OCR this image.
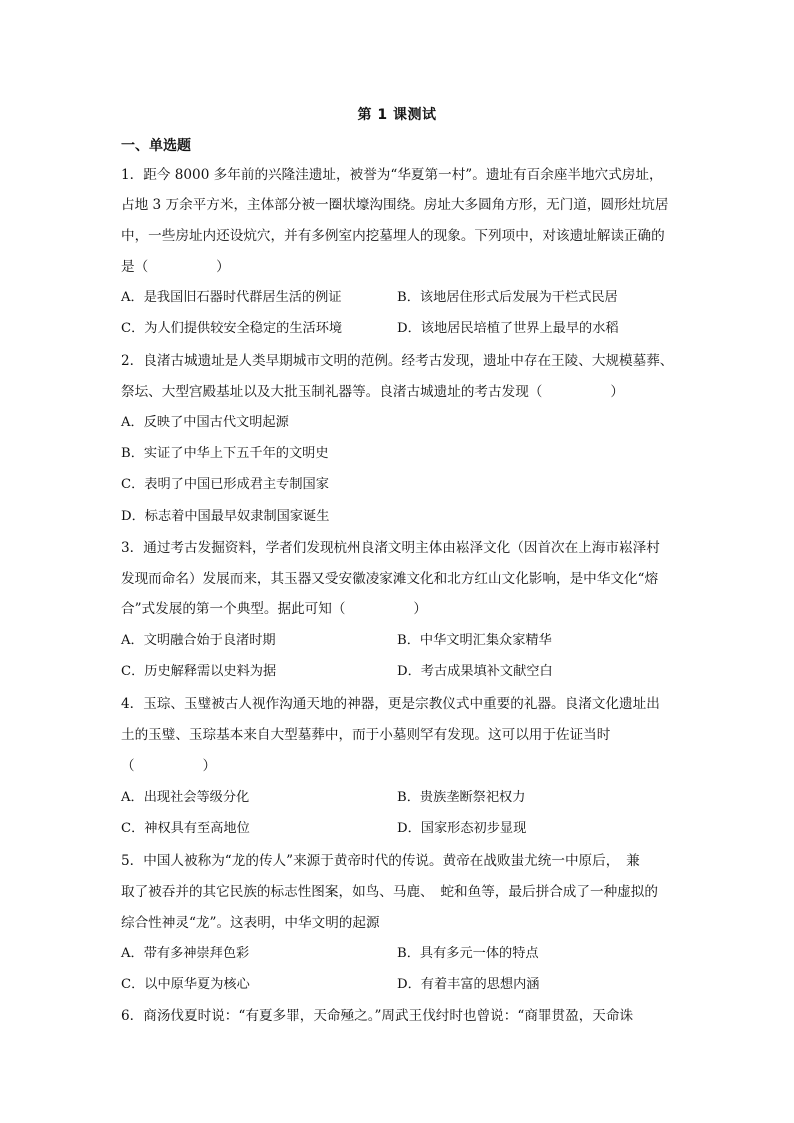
第 1 课测试
一、单选题
1．距今 8000 多年前的兴隆洼遗址，被誉为“华夏第一村”。遗址有百余座半地穴式房址，
占地 3 万余平方米，主体部分被一圈状壕沟围绕。房址大多圆角方形，无门道，圆形灶坑居
中，一些房址内还设炕穴，并有多例室内挖墓埋人的现象。下列项中，对该遗址解读正确的
是（　　　　　）
A．是我国旧石器时代群居生活的例证	B．该地居住形式后发展为干栏式民居
C．为人们提供较安全稳定的生活环境	D．该地居民培植了世界上最早的水稻
2．良渚古城遗址是人类早期城市文明的范例。经考古发现，遗址中存在王陵、大规模墓葬、
祭坛、大型宫殿基址以及大批玉制礼器等。良渚古城遗址的考古发现（　　　　　）
A．反映了中国古代文明起源
B．实证了中华上下五千年的文明史
C．表明了中国已形成君主专制国家
D．标志着中国最早奴隶制国家诞生
3．通过考古发掘资料，学者们发现杭州良渚文明主体由崧泽文化（因首次在上海市崧泽村
发现而命名）发展而来，其玉器又受安徽凌家滩文化和北方红山文化影响，是中华文化“熔
合”式发展的第一个典型。据此可知（　　　　　）
A．文明融合始于良渚时期	B．中华文明汇集众家精华
C．历史解释需以史料为据	D．考古成果填补文献空白
4．玉琮、玉璧被古人视作沟通天地的神器，更是宗教仪式中重要的礼器。良渚文化遗址出
土的玉璧、玉琮基本来自大型墓葬中，而于小墓则罕有发现。这可以用于佐证当时
（　　　　　）
A．出现社会等级分化	B．贵族垄断祭祀权力
C．神权具有至高地位	D．国家形态初步显现
5．中国人被称为“龙的传人”来源于黄帝时代的传说。黄帝在战败蚩尤统一中原后，　兼
取了被吞并的其它民族的标志性图案，如鸟、马鹿、　蛇和鱼等，最后拼合成了一种虚拟的
综合性神灵“龙”。这表明，中华文明的起源
A．带有多神崇拜色彩	B．具有多元一体的特点
C．以中原华夏为核心	D．有着丰富的思想内涵
6．商汤伐夏时说：“有夏多罪，天命殛之。”周武王伐纣时也曾说：“商罪贯盈，天命诛
